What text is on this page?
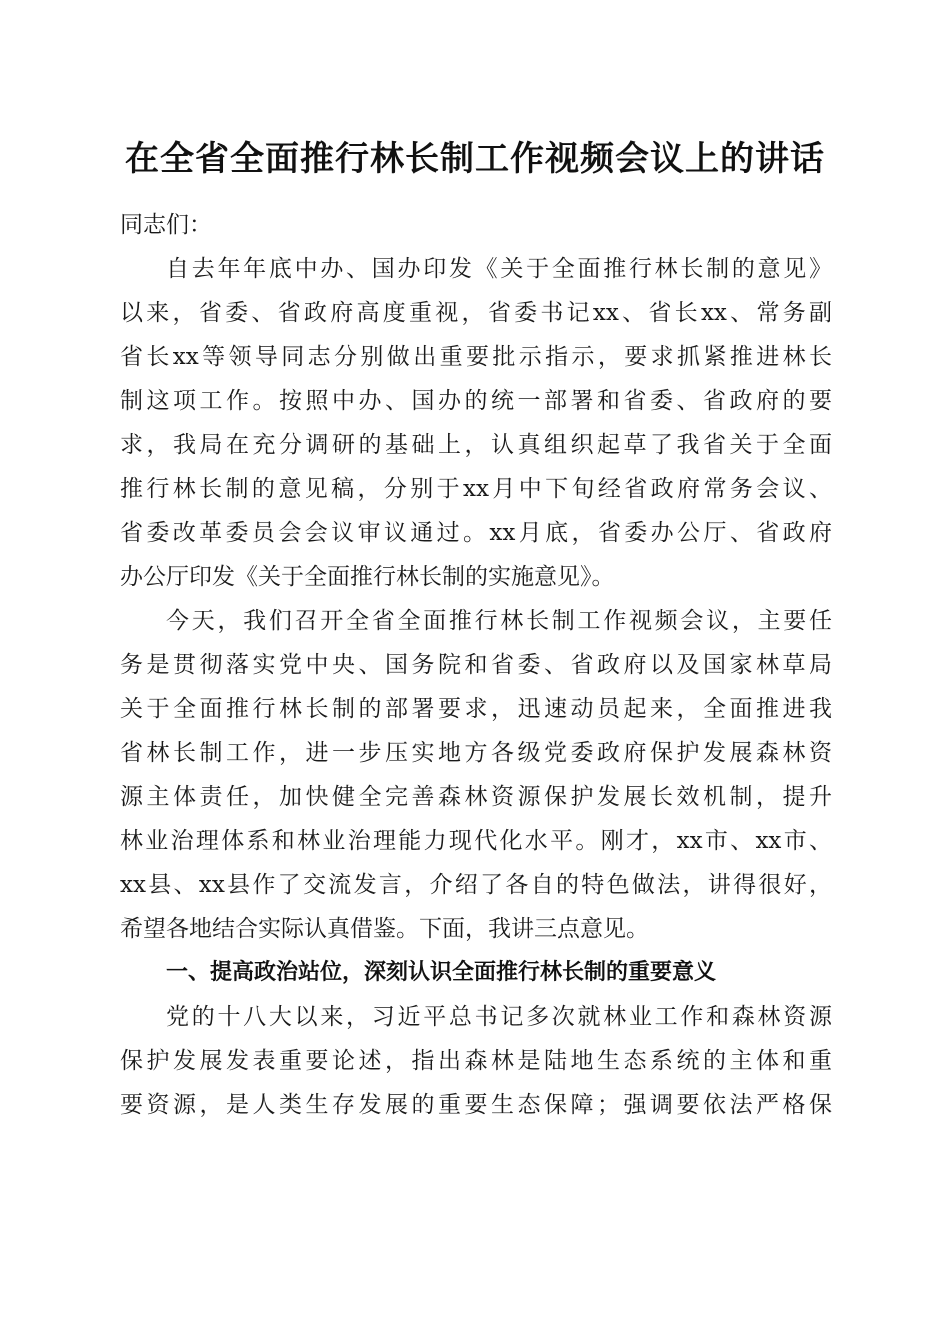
在全省全面推行林长制工作视频会议上的讲话
同志们：
自去年年底中办、国办印发《关于全面推行林长制的意见》
以来，省委、省政府高度重视，省委书记xx、省长xx、常务副
省长xx等领导同志分别做出重要批示指示，要求抓紧推进林长
制这项工作。按照中办、国办的统一部署和省委、省政府的要
求，我局在充分调研的基础上，认真组织起草了我省关于全面
推行林长制的意见稿，分别于xx月中下旬经省政府常务会议、
省委改革委员会会议审议通过。xx月底，省委办公厅、省政府
办公厅印发《关于全面推行林长制的实施意见》。
今天，我们召开全省全面推行林长制工作视频会议，主要任
务是贯彻落实党中央、国务院和省委、省政府以及国家林草局
关于全面推行林长制的部署要求，迅速动员起来，全面推进我
省林长制工作，进一步压实地方各级党委政府保护发展森林资
源主体责任，加快健全完善森林资源保护发展长效机制，提升
林业治理体系和林业治理能力现代化水平。刚才，xx市、xx市、
xx县、xx县作了交流发言，介绍了各自的特色做法，讲得很好，
希望各地结合实际认真借鉴。下面，我讲三点意见。
一、提高政治站位，深刻认识全面推行林长制的重要意义
党的十八大以来，习近平总书记多次就林业工作和森林资源
保护发展发表重要论述，指出森林是陆地生态系统的主体和重
要资源，是人类生存发展的重要生态保障；强调要依法严格保
